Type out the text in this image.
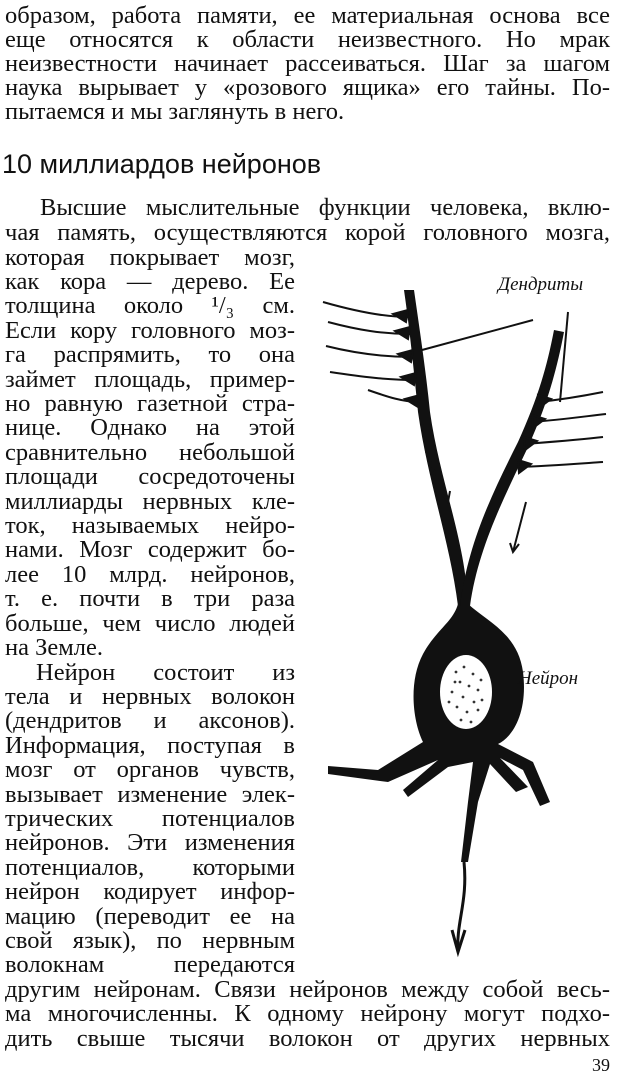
образом, работа памяти, ее материальная основа все
еще относятся к области неизвестного. Но мрак
неизвестности начинает рассеиваться. Шаг за шагом
наука вырывает у «розового ящика» его тайны. По-
пытаемся и мы заглянуть в него.
10 миллиардов нейронов
Высшие мыслительные функции человека, вклю-
чая память, осуществляются корой головного мозга,
которая покрывает мозг,
как кора — дерево. Ее
толщина около ¹/₃ см.
Если кору головного моз-
га распрямить, то она
займет площадь, пример-
но равную газетной стра-
нице. Однако на этой
сравнительно небольшой
площади сосредоточены
миллиарды нервных кле-
ток, называемых нейро-
нами. Мозг содержит бо-
лее 10 млрд. нейронов,
т. е. почти в три раза
больше, чем число людей
на Земле.
Нейрон состоит из
тела и нервных волокон
(дендритов и аксонов).
Информация, поступая в
мозг от органов чувств,
вызывает изменение элек-
трических потенциалов
нейронов. Эти изменения
потенциалов, которыми
нейрон кодирует инфор-
мацию (переводит ее на
свой язык), по нервным
волокнам передаются
другим нейронам. Связи нейронов между собой весь-
ма многочисленны. К одному нейрону могут подхо-
дить свыше тысячи волокон от других нервных
Дендриты
Нейрон
39
